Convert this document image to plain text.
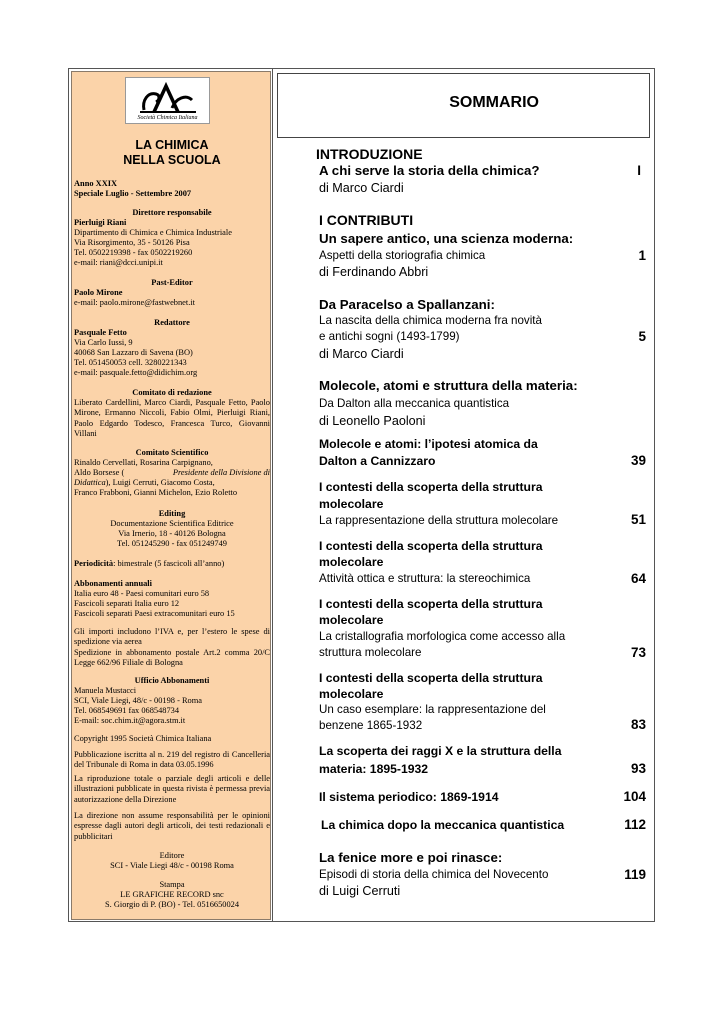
Società Chimica Italiana
LA CHIMICA
NELLA SCUOLA
Anno XXIX
Speciale Luglio - Settembre 2007
Direttore responsabile
Pierluigi Riani
Dipartimento di Chimica e Chimica Industriale
Via Risorgimento, 35 - 50126 Pisa
Tel. 0502219398 - fax 0502219260
e-mail: riani@dcci.unipi.it
Past-Editor
Paolo Mirone
e-mail: paolo.mirone@fastwebnet.it
Redattore
Pasquale Fetto
Via Carlo Iussi, 9
40068 San Lazzaro di Savena (BO)
Tel. 051450053 cell. 3280221343
e-mail: pasquale.fetto@didichim.org
Comitato di redazione
Liberato Cardellini, Marco Ciardi, Pasquale Fetto, Paolo Mirone, Ermanno Niccoli, Fabio Olmi, Pierluigi Riani, Paolo Edgardo Todesco, Francesca Turco, Giovanni Villani
Comitato Scientifico
Rinaldo Cervellati, Rosarina Carpignano,
Aldo Borsese (	Presidente della Divisione di
Didattica), Luigi Cerruti, Giacomo Costa,
Franco Frabboni, Gianni Michelon, Ezio Roletto
Editing
Documentazione Scientifica Editrice
Via Irnerio, 18 - 40126 Bologna
Tel. 051245290 - fax 051249749
Periodicità: bimestrale (5 fascicoli all’anno)
Abbonamenti annuali
Italia euro 48 - Paesi comunitari euro 58
Fascicoli separati Italia euro 12
Fascicoli separati Paesi extracomunitari euro 15
Gli importi includono l’IVA e, per l’estero le spese di spedizione via aerea
Spedizione in abbonamento postale Art.2 comma 20/C Legge 662/96 Filiale di Bologna
Ufficio Abbonamenti
Manuela Mustacci
SCI, Viale Liegi, 48/c - 00198 - Roma
Tel. 068549691 fax 068548734
E-mail: soc.chim.it@agora.stm.it
Copyright 1995 Società Chimica Italiana
Pubblicazione iscritta al n. 219 del registro di Cancelleria del Tribunale di Roma in data 03.05.1996
La riproduzione totale o parziale degli articoli e delle illustrazioni pubblicate in questa rivista è permessa previa autorizzazione della Direzione
La direzione non assume responsabilità per le opinioni espresse dagli autori degli articoli, dei testi redazionali e pubblicitari
Editore
SCI - Viale Liegi 48/c - 00198 Roma
Stampa
LE GRAFICHE RECORD snc
S. Giorgio di P. (BO) - Tel. 0516650024
SOMMARIO
INTRODUZIONE
A chi serve la storia della chimica?	I
di Marco Ciardi
I CONTRIBUTI
Un sapere antico, una scienza moderna:
Aspetti della storiografia chimica	1
di Ferdinando Abbri
Da Paracelso a Spallanzani:
La nascita della chimica moderna fra novità
e antichi sogni (1493-1799)	5
di Marco Ciardi
Molecole, atomi e struttura della materia:
Da Dalton alla meccanica quantistica
di Leonello Paoloni
Molecole e atomi: l’ipotesi atomica da
Dalton a Cannizzaro	39
I contesti della scoperta della struttura
molecolare
La rappresentazione della struttura molecolare	51
I contesti della scoperta della struttura
molecolare
Attività ottica e struttura: la stereochimica	64
I contesti della scoperta della struttura
molecolare
La cristallografia morfologica come accesso alla
struttura molecolare	73
I contesti della scoperta della struttura
molecolare
Un caso esemplare: la rappresentazione del
benzene 1865-1932	83
La scoperta dei raggi X e la struttura della
materia: 1895-1932	93
Il sistema periodico: 1869-1914	104
La chimica dopo la meccanica quantistica	112
La fenice more e poi rinasce:
Episodi di storia della chimica del Novecento	119
di Luigi Cerruti
